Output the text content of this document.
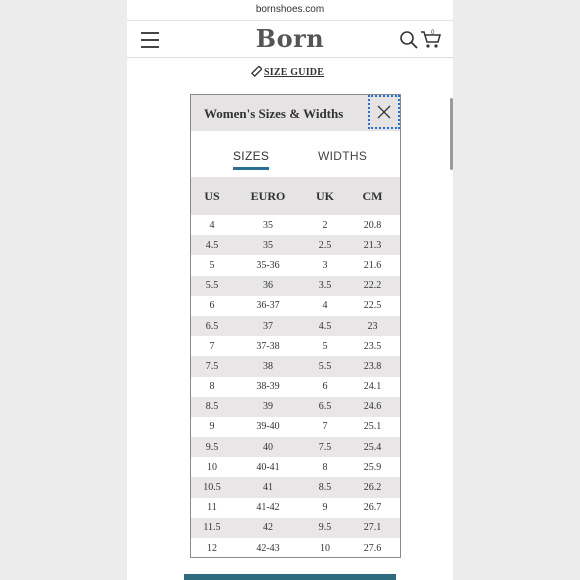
bornshoes.com
Born	0
SIZE GUIDE
Women's Sizes & Widths
SIZES	WIDTHS
US	EURO	UK	CM
4	35	2	20.8
4.5	35	2.5	21.3
5	35-36	3	21.6
5.5	36	3.5	22.2
6	36-37	4	22.5
6.5	37	4.5	23
7	37-38	5	23.5
7.5	38	5.5	23.8
8	38-39	6	24.1
8.5	39	6.5	24.6
9	39-40	7	25.1
9.5	40	7.5	25.4
10	40-41	8	25.9
10.5	41	8.5	26.2
11	41-42	9	26.7
11.5	42	9.5	27.1
12	42-43	10	27.6
